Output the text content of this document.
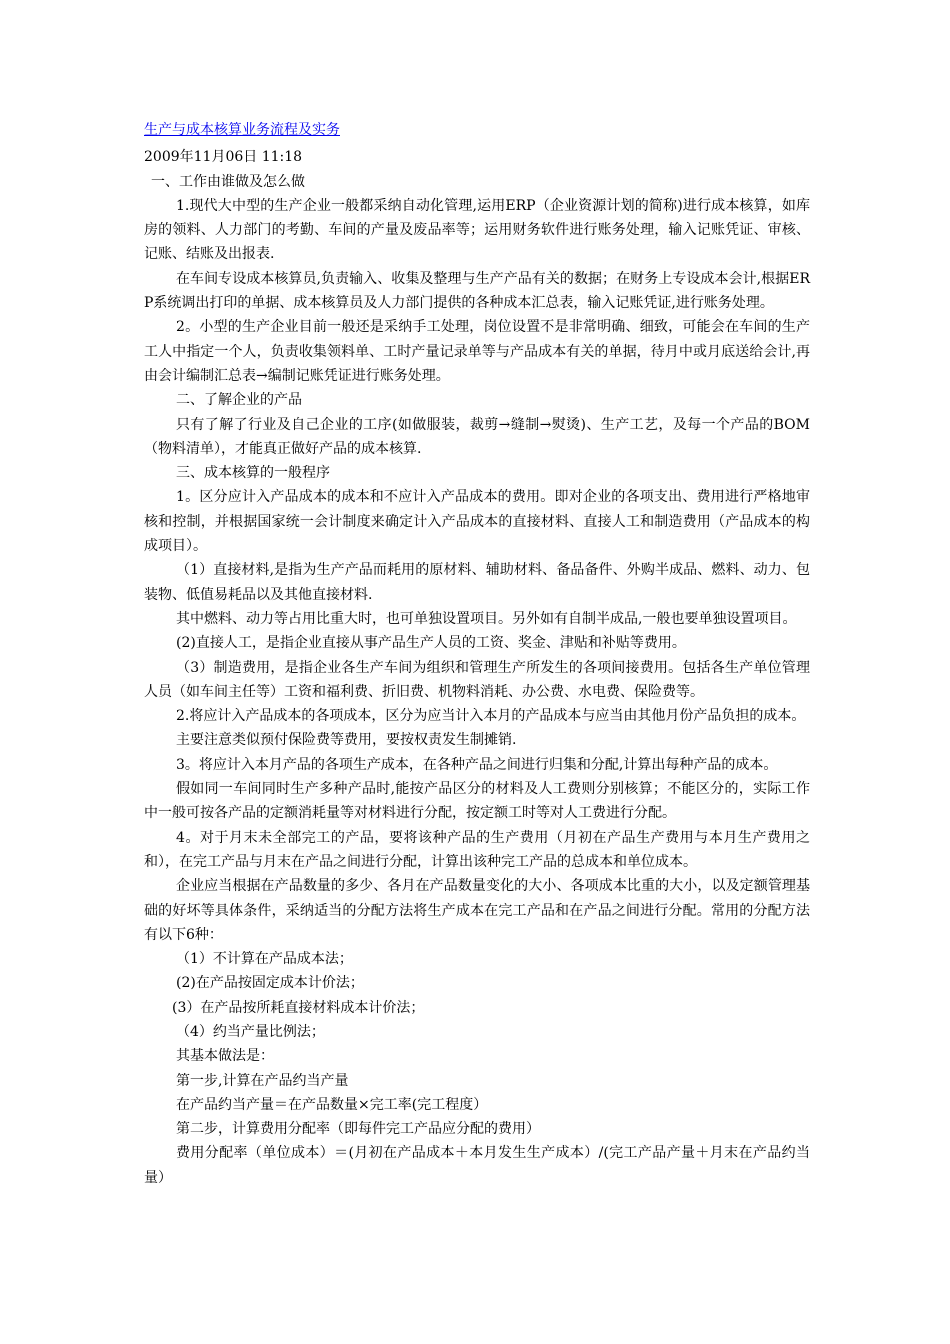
生产与成本核算业务流程及实务
2009年11月06日 11:18
一、工作由谁做及怎么做
1.现代大中型的生产企业一般都采纳自动化管理,运用ERP（企业资源计划的简称)进行成本核算，如库房的领料、人力部门的考勤、车间的产量及废品率等；运用财务软件进行账务处理，输入记账凭证、审核、记账、结账及出报表.
在车间专设成本核算员,负责输入、收集及整理与生产产品有关的数据；在财务上专设成本会计,根据ERP系统调出打印的单据、成本核算员及人力部门提供的各种成本汇总表，输入记账凭证,进行账务处理。
2。小型的生产企业目前一般还是采纳手工处理，岗位设置不是非常明确、细致，可能会在车间的生产工人中指定一个人，负责收集领料单、工时产量记录单等与产品成本有关的单据，待月中或月底送给会计,再由会计编制汇总表→编制记账凭证进行账务处理。
二、了解企业的产品
只有了解了行业及自己企业的工序(如做服装，裁剪→缝制→熨烫)、生产工艺，及每一个产品的BOM（物料清单），才能真正做好产品的成本核算.
三、成本核算的一般程序
1。区分应计入产品成本的成本和不应计入产品成本的费用。即对企业的各项支出、费用进行严格地审核和控制，并根据国家统一会计制度来确定计入产品成本的直接材料、直接人工和制造费用（产品成本的构成项目）。
（1）直接材料,是指为生产产品而耗用的原材料、辅助材料、备品备件、外购半成品、燃料、动力、包装物、低值易耗品以及其他直接材料.
其中燃料、动力等占用比重大时，也可单独设置项目。另外如有自制半成品,一般也要单独设置项目。
(2)直接人工，是指企业直接从事产品生产人员的工资、奖金、津贴和补贴等费用。
（3）制造费用，是指企业各生产车间为组织和管理生产所发生的各项间接费用。包括各生产单位管理人员（如车间主任等）工资和福利费、折旧费、机物料消耗、办公费、水电费、保险费等。
2.将应计入产品成本的各项成本，区分为应当计入本月的产品成本与应当由其他月份产品负担的成本。
主要注意类似预付保险费等费用，要按权责发生制摊销.
3。将应计入本月产品的各项生产成本，在各种产品之间进行归集和分配,计算出每种产品的成本。
假如同一车间同时生产多种产品时,能按产品区分的材料及人工费则分别核算；不能区分的，实际工作中一般可按各产品的定额消耗量等对材料进行分配，按定额工时等对人工费进行分配。
4。对于月末未全部完工的产品，要将该种产品的生产费用（月初在产品生产费用与本月生产费用之和），在完工产品与月末在产品之间进行分配，计算出该种完工产品的总成本和单位成本。
企业应当根据在产品数量的多少、各月在产品数量变化的大小、各项成本比重的大小，以及定额管理基础的好坏等具体条件，采纳适当的分配方法将生产成本在完工产品和在产品之间进行分配。常用的分配方法有以下6种：
（1）不计算在产品成本法；
(2)在产品按固定成本计价法；
(3）在产品按所耗直接材料成本计价法；
（4）约当产量比例法；
其基本做法是：
第一步,计算在产品约当产量
在产品约当产量＝在产品数量×完工率(完工程度）
第二步，计算费用分配率（即每件完工产品应分配的费用）
费用分配率（单位成本）＝(月初在产品成本＋本月发生生产成本）/(完工产品产量＋月末在产品约当量）
